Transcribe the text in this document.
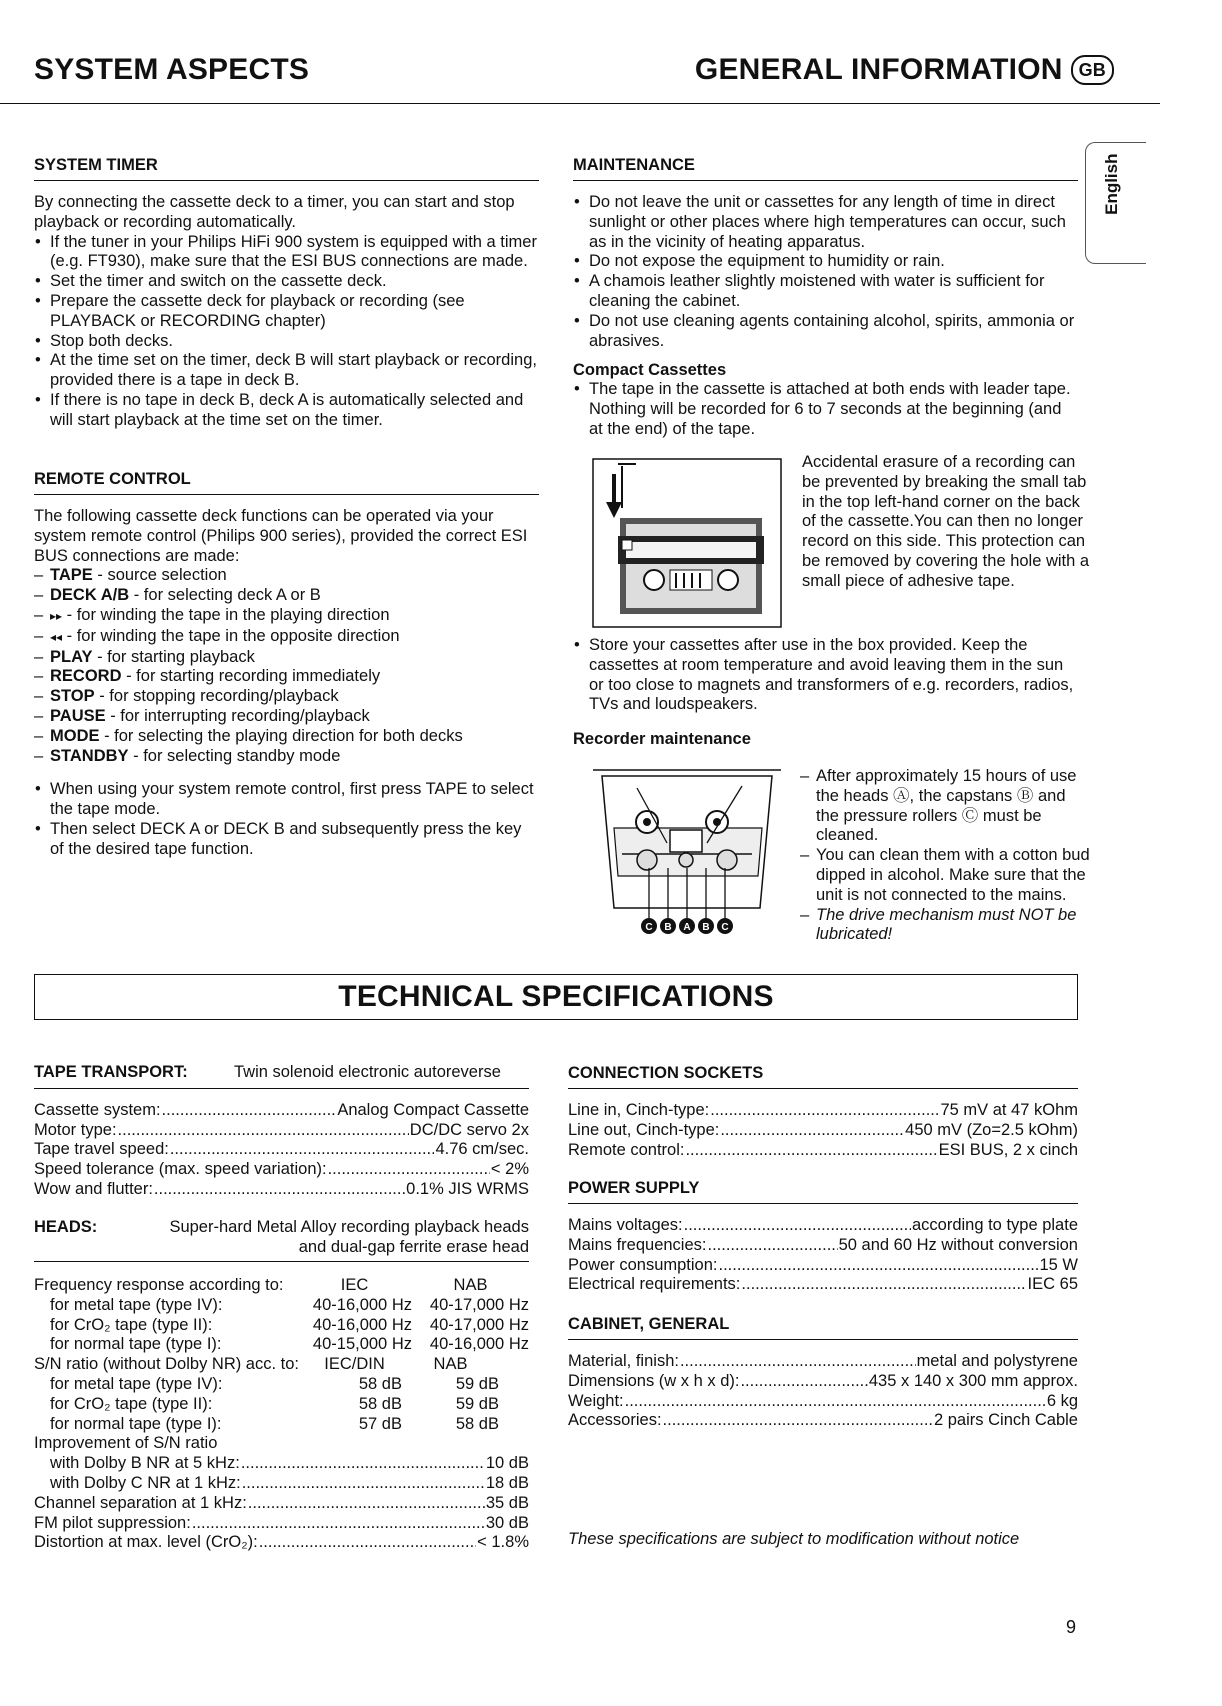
SYSTEM ASPECTS	GENERAL INFORMATION GB
English
SYSTEM TIMER

By connecting the cassette deck to a timer, you can start and stop playback or recording automatically.

• If the tuner in your Philips HiFi 900 system is equipped with a timer (e.g. FT930), make sure that the ESI BUS connections are made.
• Set the timer and switch on the cassette deck.
• Prepare the cassette deck for playback or recording (see PLAYBACK or RECORDING chapter)
• Stop both decks.
• At the time set on the timer, deck B will start playback or recording, provided there is a tape in deck B.
• If there is no tape in deck B, deck A is automatically selected and will start playback at the time set on the timer.
REMOTE CONTROL

The following cassette deck functions can be operated via your system remote control (Philips 900 series), provided the correct ESI BUS connections are made:

– TAPE - source selection
– DECK A/B - for selecting deck A or B
– ▸▸ - for winding the tape in the playing direction
– ◂◂ - for winding the tape in the opposite direction
– PLAY - for starting playback
– RECORD - for starting recording immediately
– STOP - for stopping recording/playback
– PAUSE - for interrupting recording/playback
– MODE - for selecting the playing direction for both decks
– STANDBY - for selecting standby mode
• When using your system remote control, first press TAPE to select the tape mode.
• Then select DECK A or DECK B and subsequently press the key of the desired tape function.
MAINTENANCE
• Do not leave the unit or cassettes for any length of time in direct sunlight or other places where high temperatures can occur, such as in the vicinity of heating apparatus.
• Do not expose the equipment to humidity or rain.
• A chamois leather slightly moistened with water is sufficient for cleaning the cabinet.
• Do not use cleaning agents containing alcohol, spirits, ammonia or abrasives.
Compact Cassettes
• The tape in the cassette is attached at both ends with leader tape. Nothing will be recorded for 6 to 7 seconds at the beginning (and at the end) of the tape.
Accidental erasure of a recording can be prevented by breaking the small tab in the top left-hand corner on the back of the cassette.You can then no longer record on this side. This protection can be removed by covering the hole with a small piece of adhesive tape.
• Store your cassettes after use in the box provided. Keep the cassettes at room temperature and avoid leaving them in the sun or too close to magnets and transformers of e.g. recorders, radios, TVs and loudspeakers.
Recorder maintenance
C B A B C
– After approximately 15 hours of use the heads Ⓐ, the capstans Ⓑ and the pressure rollers Ⓒ must be cleaned.
– You can clean them with a cotton bud dipped in alcohol. Make sure that the unit is not connected to the mains.
– The drive mechanism must NOT be lubricated!
TECHNICAL SPECIFICATIONS
TAPE TRANSPORT:	Twin solenoid electronic autoreverse
Cassette system: .....	Analog Compact Cassette
Motor type: .....	DC/DC servo 2x
Tape travel speed: .....	4.76 cm/sec.
Speed tolerance (max. speed variation): .....	< 2%
Wow and flutter: .....	0.1% JIS WRMS
HEADS:	Super-hard Metal Alloy recording playback heads
and dual-gap ferrite erase head
Frequency response according to:	IEC	NAB
for metal tape (type IV):	40-16,000 Hz	40-17,000 Hz
for CrO₂ tape (type II):	40-16,000 Hz	40-17,000 Hz
for normal tape (type I):	40-15,000 Hz	40-16,000 Hz
S/N ratio (without Dolby NR) acc. to:	IEC/DIN	NAB
for metal tape (type IV):	58 dB	59 dB
for CrO₂ tape (type II):	58 dB	59 dB
for normal tape (type I):	57 dB	58 dB
Improvement of S/N ratio
with Dolby B NR at 5 kHz: .....	10 dB
with Dolby C NR at 1 kHz: .....	18 dB
Channel separation at 1 kHz: .....	35 dB
FM pilot suppression: .....	30 dB
Distortion at max. level (CrO₂): .....	< 1.8%
CONNECTION SOCKETS
Line in, Cinch-type: .....	75 mV at 47 kOhm
Line out, Cinch-type: .....	450 mV (Zo=2.5 kOhm)
Remote control: .....	ESI BUS, 2 x cinch
POWER SUPPLY
Mains voltages: .....	according to type plate
Mains frequencies: .....	50 and 60 Hz without conversion
Power consumption: .....	15 W
Electrical requirements: .....	IEC 65
CABINET, GENERAL
Material, finish: .....	metal and polystyrene
Dimensions (w x h x d): .....	435 x 140 x 300 mm approx.
Weight: .....	6 kg
Accessories: .....	2 pairs Cinch Cable
These specifications are subject to modification without notice
9
